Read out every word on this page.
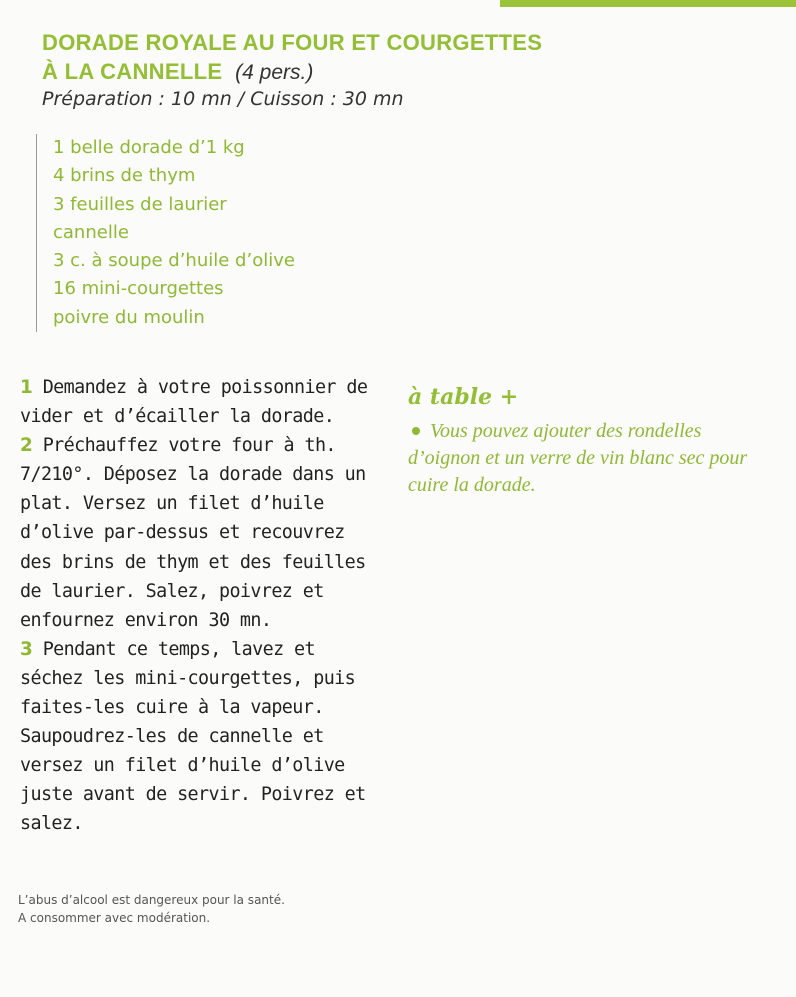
DORADE ROYALE AU FOUR ET COURGETTES
À LA CANNELLE (4 pers.)
Préparation : 10 mn / Cuisson : 30 mn
1 belle dorade d’1 kg
4 brins de thym
3 feuilles de laurier
cannelle
3 c. à soupe d’huile d’olive
16 mini-courgettes
poivre du moulin

1 Demandez à votre poissonnier de vider et d’écailler la dorade.

2 Préchauffez votre four à th. 7/210°. Déposez la dorade dans un plat. Versez un filet d’huile d’olive par-dessus et recouvrez des brins de thym et des feuilles de laurier. Salez, poivrez et enfournez environ 30 mn.

3 Pendant ce temps, lavez et séchez les mini-courgettes, puis faites-les cuire à la vapeur. Saupoudrez-les de cannelle et versez un filet d’huile d’olive juste avant de servir. Poivrez et salez.

à table +
Vous pouvez ajouter des rondelles d’oignon et un verre de vin blanc sec pour cuire la dorade.
L’abus d’alcool est dangereux pour la santé.
A consommer avec modération.
